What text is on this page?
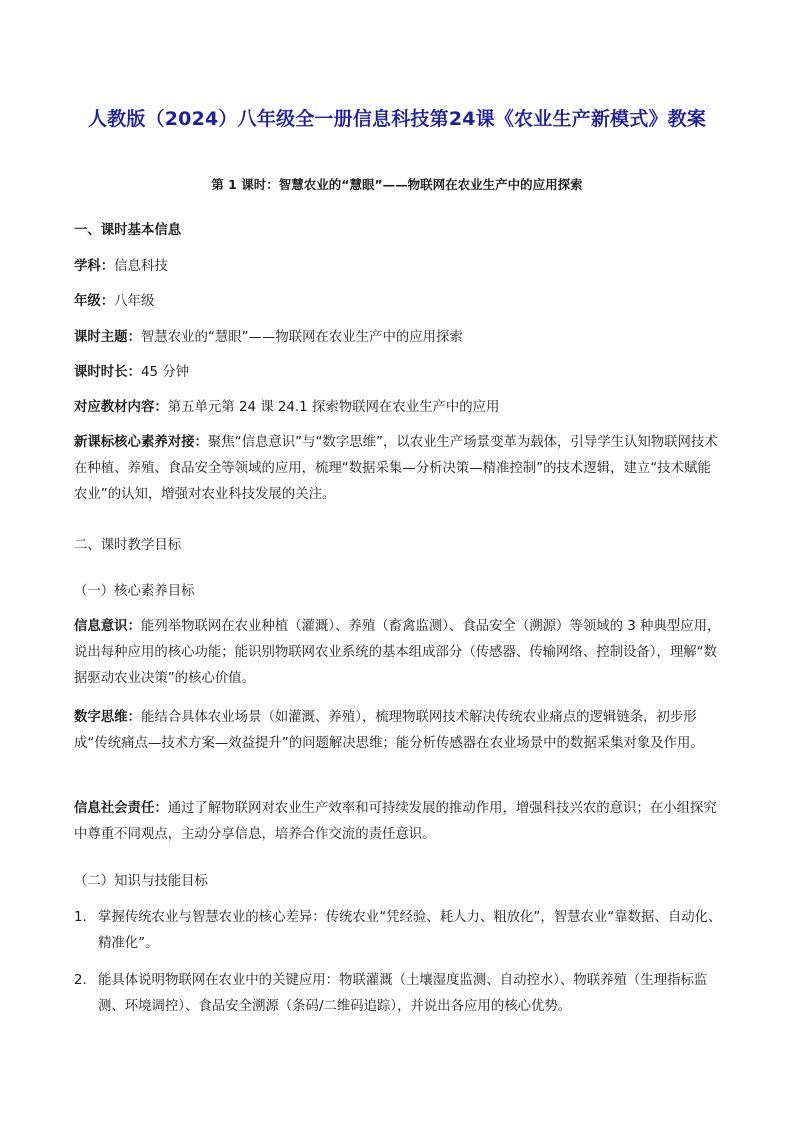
人教版（2024）八年级全一册信息科技第24课《农业生产新模式》教案
第 1 课时：智慧农业的“慧眼”——物联网在农业生产中的应用探索
一、课时基本信息
学科：信息科技
年级：八年级
课时主题：智慧农业的“慧眼”——物联网在农业生产中的应用探索
课时时长：45 分钟
对应教材内容：第五单元第 24 课 24.1 探索物联网在农业生产中的应用
新课标核心素养对接：聚焦“信息意识”与“数字思维”，以农业生产场景变革为载体，引导学生认知物联网技术在种植、养殖、食品安全等领域的应用，梳理“数据采集—分析决策—精准控制”的技术逻辑，建立“技术赋能农业”的认知，增强对农业科技发展的关注。
二、课时教学目标
（一）核心素养目标
信息意识：能列举物联网在农业种植（灌溉）、养殖（畜禽监测）、食品安全（溯源）等领域的 3 种典型应用，说出每种应用的核心功能；能识别物联网农业系统的基本组成部分（传感器、传输网络、控制设备），理解“数据驱动农业决策”的核心价值。
数字思维：能结合具体农业场景（如灌溉、养殖），梳理物联网技术解决传统农业痛点的逻辑链条，初步形成“传统痛点—技术方案—效益提升”的问题解决思维；能分析传感器在农业场景中的数据采集对象及作用。
信息社会责任：通过了解物联网对农业生产效率和可持续发展的推动作用，增强科技兴农的意识；在小组探究中尊重不同观点，主动分享信息，培养合作交流的责任意识。
（二）知识与技能目标
1. 掌握传统农业与智慧农业的核心差异：传统农业“凭经验、耗人力、粗放化”，智慧农业“靠数据、自动化、精准化”。
2. 能具体说明物联网在农业中的关键应用：物联灌溉（土壤湿度监测、自动控水）、物联养殖（生理指标监测、环境调控）、食品安全溯源（条码/二维码追踪），并说出各应用的核心优势。
